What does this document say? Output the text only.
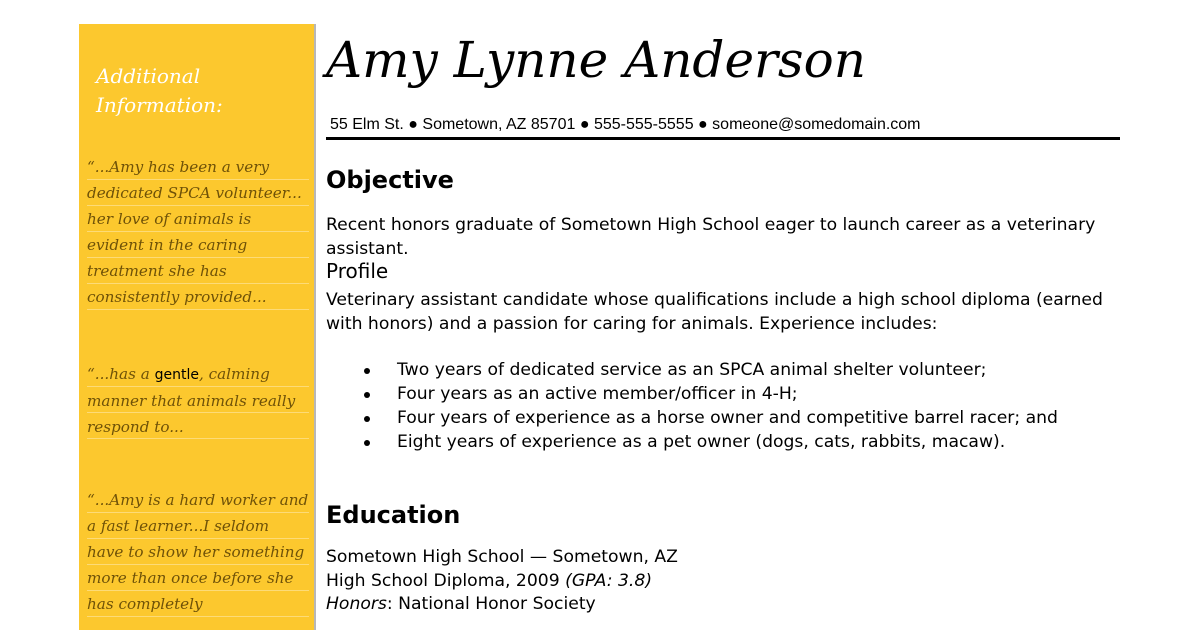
Additional
Information:
“...Amy has been a very dedicated SPCA volunteer... her love of animals is evident in the caring treatment she has consistently provided...
“...has a gentle, calming manner that animals really respond to...
“...Amy is a hard worker and a fast learner...I seldom have to show her something more than once before she has completely
Amy Lynne Anderson
55 Elm St. ● Sometown, AZ 85701 ● 555-555-5555 ● someone@somedomain.com
Objective
Recent honors graduate of Sometown High School eager to launch career as a veterinary assistant.
Profile
Veterinary assistant candidate whose qualifications include a high school diploma (earned with honors) and a passion for caring for animals. Experience includes:
Two years of dedicated service as an SPCA animal shelter volunteer;
Four years as an active member/officer in 4-H;
Four years of experience as a horse owner and competitive barrel racer; and
Eight years of experience as a pet owner (dogs, cats, rabbits, macaw).
Education
Sometown High School — Sometown, AZ
High School Diploma, 2009 (GPA: 3.8)
Honors: National Honor Society
